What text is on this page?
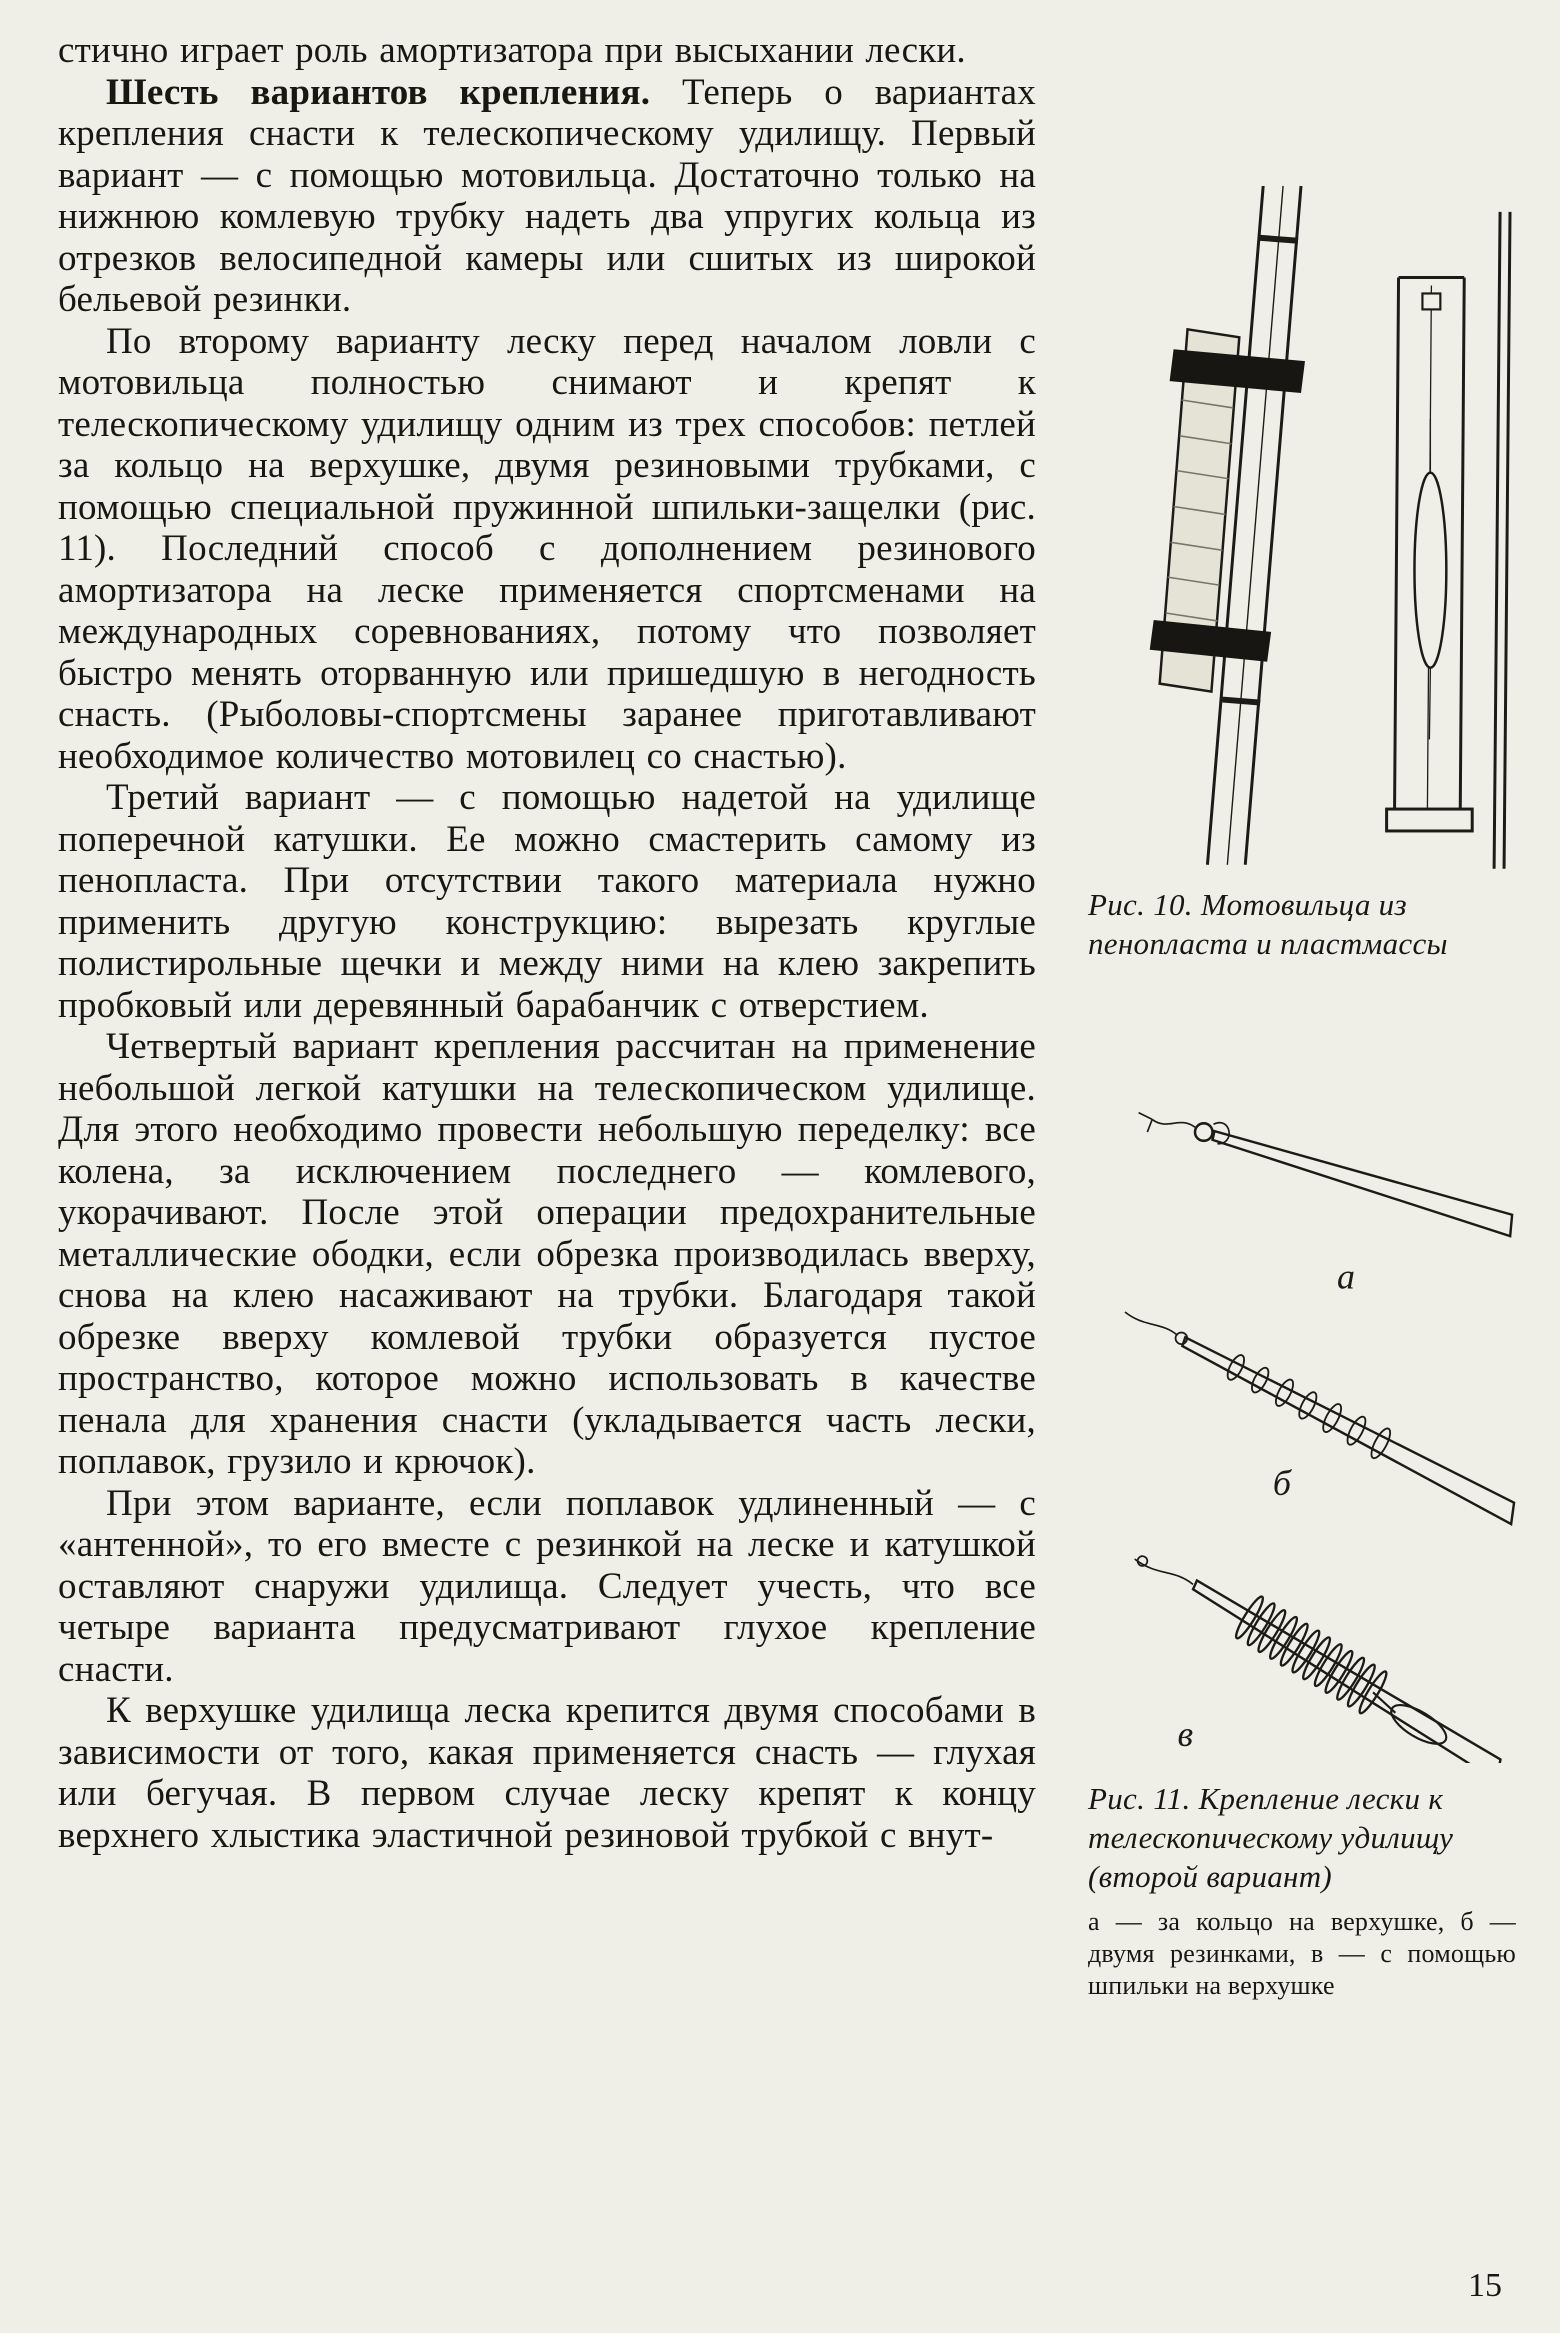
стично играет роль амортизатора при высыхании лески.

Шесть вариантов крепления. Теперь о вариантах крепления снасти к телескопическому удилищу. Первый вариант — с помощью мотовильца. Достаточно только на нижнюю комлевую трубку надеть два упругих кольца из отрезков велосипедной камеры или сшитых из широкой бельевой резинки.

По второму варианту леску перед началом ловли с мотовильца полностью снимают и крепят к телескопическому удилищу одним из трех способов: петлей за кольцо на верхушке, двумя резиновыми трубками, с помощью специальной пружинной шпильки-защелки (рис. 11). Последний способ с дополнением резинового амортизатора на леске применяется спортсменами на международных соревнованиях, потому что позволяет быстро менять оторванную или пришедшую в негодность снасть. (Рыболовы-спортсмены заранее приготавливают необходимое количество мотовилец со снастью).

Третий вариант — с помощью надетой на удилище поперечной катушки. Ее можно смастерить самому из пенопласта. При отсутствии такого материала нужно применить другую конструкцию: вырезать круглые полистирольные щечки и между ними на клею закрепить пробковый или деревянный барабанчик с отверстием.

Четвертый вариант крепления рассчитан на применение небольшой легкой катушки на телескопическом удилище. Для этого необходимо провести небольшую переделку: все колена, за исключением последнего — комлевого, укорачивают. После этой операции предохранительные металлические ободки, если обрезка производилась вверху, снова на клею насаживают на трубки. Благодаря такой обрезке вверху комлевой трубки образуется пустое пространство, которое можно использовать в качестве пенала для хранения снасти (укладывается часть лески, поплавок, грузило и крючок).

При этом варианте, если поплавок удлиненный — с «антенной», то его вместе с резинкой на леске и катушкой оставляют снаружи удилища. Следует учесть, что все четыре варианта предусматривают глухое крепление снасти.

К верхушке удилища леска крепится двумя способами в зависимости от того, какая применяется снасть — глухая или бегучая. В первом случае леску крепят к концу верхнего хлыстика эластичной резиновой трубкой с внут-

Рис. 10. Мотовильца из пенопласта и пластмассы
а
б
в
Рис. 11. Крепление лески к телескопическому удилищу (второй вариант)
а — за кольцо на верхушке, б — двумя резинками, в — с помощью шпильки на верхушке
15
